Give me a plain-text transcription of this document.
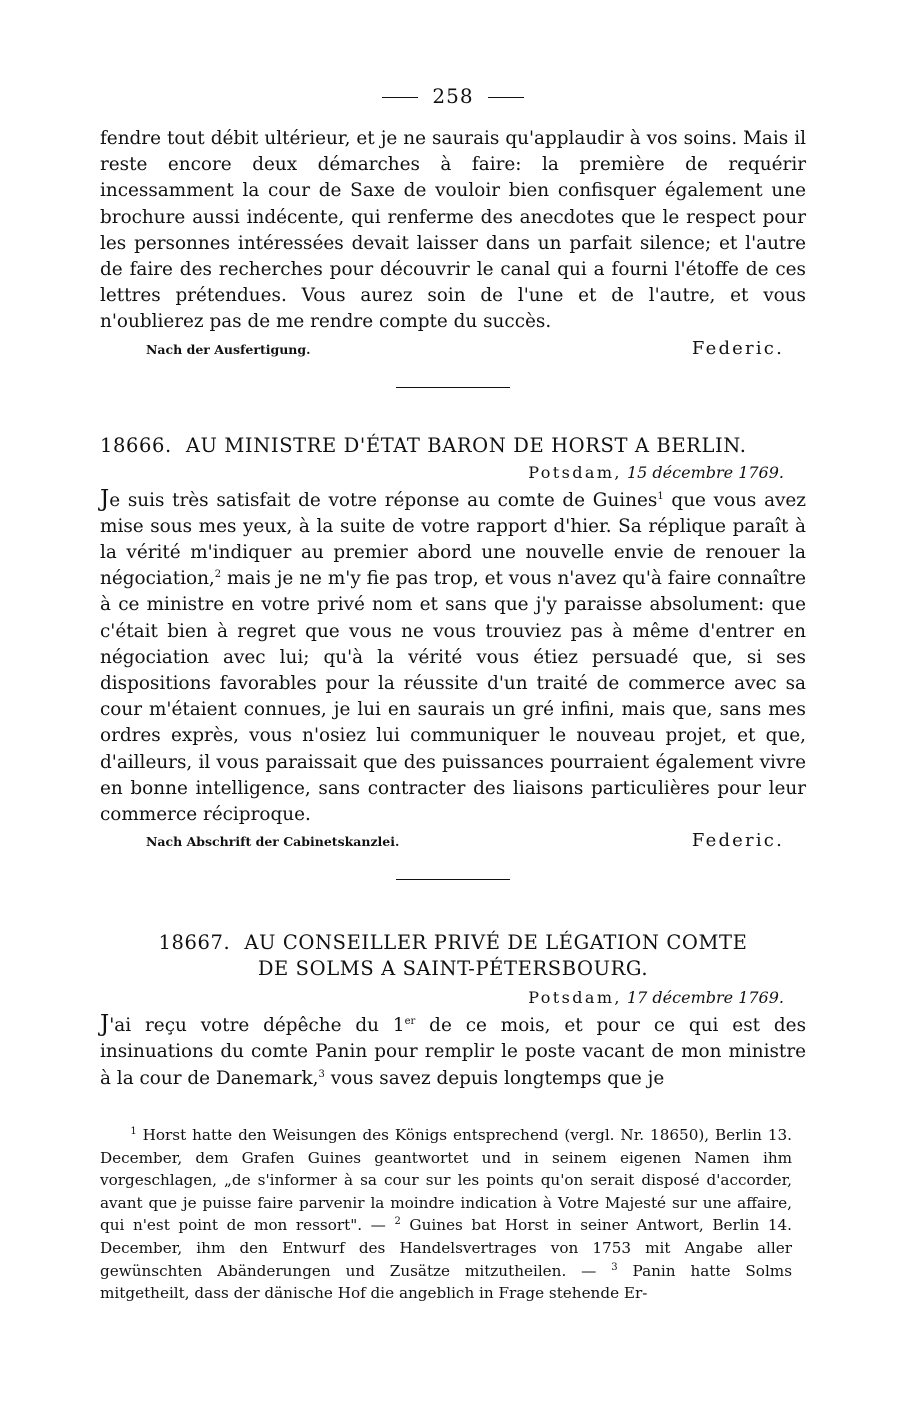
258

fendre tout débit ultérieur, et je ne saurais qu'applaudir à vos soins. Mais il reste encore deux démarches à faire: la première de requérir incessamment la cour de Saxe de vouloir bien confisquer également une brochure aussi indécente, qui renferme des anecdotes que le respect pour les personnes intéressées devait laisser dans un parfait silence; et l'autre de faire des recherches pour découvrir le canal qui a fourni l'étoffe de ces lettres prétendues. Vous aurez soin de l'une et de l'autre, et vous n'oublierez pas de me rendre compte du succès.

Nach der Ausfertigung.	Federic.
18666. AU MINISTRE D'ÉTAT BARON DE HORST A BERLIN.
Potsdam, 15 décembre 1769.

Je suis très satisfait de votre réponse au comte de Guines$^1$ que vous avez mise sous mes yeux, à la suite de votre rapport d'hier. Sa réplique paraît à la vérité m'indiquer au premier abord une nouvelle envie de renouer la négociation,$^2$ mais je ne m'y fie pas trop, et vous n'avez qu'à faire connaître à ce ministre en votre privé nom et sans que j'y paraisse absolument: que c'était bien à regret que vous ne vous trouviez pas à même d'entrer en négociation avec lui; qu'à la vérité vous étiez persuadé que, si ses dispositions favorables pour la réussite d'un traité de commerce avec sa cour m'étaient connues, je lui en saurais un gré infini, mais que, sans mes ordres exprès, vous n'osiez lui communiquer le nouveau projet, et que, d'ailleurs, il vous paraissait que des puissances pourraient également vivre en bonne intelligence, sans contracter des liaisons particulières pour leur commerce réciproque.

Nach Abschrift der Cabinetskanzlei.	Federic.
18667. AU CONSEILLER PRIVÉ DE LÉGATION COMTE
DE SOLMS A SAINT-PÉTERSBOURG.
Potsdam, 17 décembre 1769.

J'ai reçu votre dépêche du 1er de ce mois, et pour ce qui est des insinuations du comte Panin pour remplir le poste vacant de mon ministre à la cour de Danemark,$^3$ vous savez depuis longtemps que je

  $^1$ Horst hatte den Weisungen des Königs entsprechend (vergl. Nr. 18650), Berlin 13. December, dem Grafen Guines geantwortet und in seinem eigenen Namen ihm vorgeschlagen, „de s'informer à sa cour sur les points qu'on serait disposé d'accorder, avant que je puisse faire parvenir la moindre indication à Votre Majesté sur une affaire, qui n'est point de mon ressort". — $^2$ Guines bat Horst in seiner Antwort, Berlin 14. December, ihm den Entwurf des Handelsvertrages von 1753 mit Angabe aller gewünschten Abänderungen und Zusätze mitzutheilen. — $^3$ Panin hatte Solms mitgetheilt, dass der dänische Hof die angeblich in Frage stehende Er-
